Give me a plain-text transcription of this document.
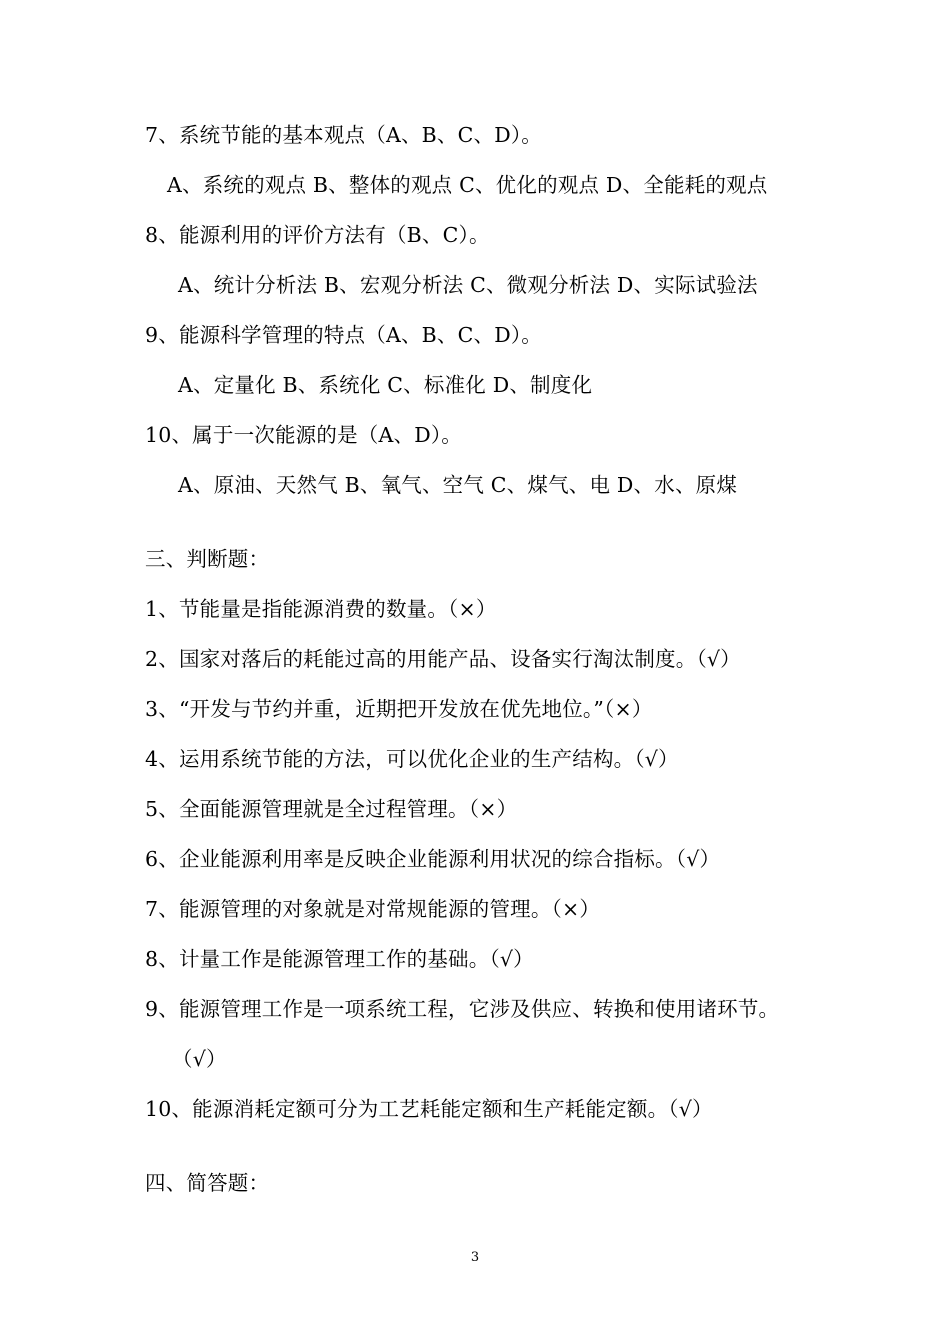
7、系统节能的基本观点（A、B、C、D）。
A、系统的观点 B、整体的观点 C、优化的观点 D、全能耗的观点
8、能源利用的评价方法有（B、C）。
A、统计分析法 B、宏观分析法 C、微观分析法 D、实际试验法
9、能源科学管理的特点（A、B、C、D）。
A、定量化 B、系统化 C、标准化 D、制度化
10、属于一次能源的是（A、D）。
A、原油、天然气 B、氧气、空气 C、煤气、电 D、水、原煤
三、判断题：
1、节能量是指能源消费的数量。（×）
2、国家对落后的耗能过高的用能产品、设备实行淘汰制度。（√）
3、“开发与节约并重，近期把开发放在优先地位。”（×）
4、运用系统节能的方法，可以优化企业的生产结构。（√）
5、全面能源管理就是全过程管理。（×）
6、企业能源利用率是反映企业能源利用状况的综合指标。（√）
7、能源管理的对象就是对常规能源的管理。（×）
8、计量工作是能源管理工作的基础。（√）
9、能源管理工作是一项系统工程，它涉及供应、转换和使用诸环节。
（√）
10、能源消耗定额可分为工艺耗能定额和生产耗能定额。（√）
四、简答题：
3
